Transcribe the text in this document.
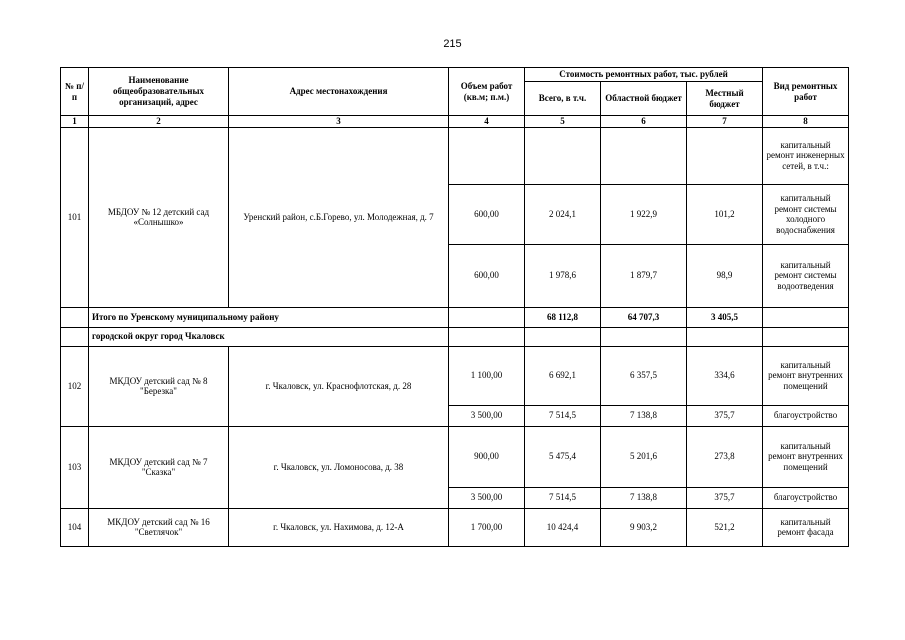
215
№ п/п	Наименование общеобразовательных организаций, адрес	Адрес местонахождения	Объем работ (кв.м; п.м.)	Стоимость ремонтных работ, тыс. рублей			Вид ремонтных работ
				Всего, в т.ч.	Областной бюджет	Местный бюджет	
1	2	3	4	5	6	7	8
101	МБДОУ № 12 детский сад «Солнышко»	Уренский район, с.Б.Горево, ул. Молодежная, д. 7					капитальный ремонт инженерных сетей, в т.ч.:
			600,00	2 024,1	1 922,9	101,2	капитальный ремонт системы холодного водоснабжения
			600,00	1 978,6	1 879,7	98,9	капитальный ремонт системы водоотведения
	Итого по Уренскому муниципальному району			68 112,8	64 707,3	3 405,5	
	городской округ город Чкаловск						
102	МКДОУ детский сад № 8 "Березка"	г. Чкаловск, ул. Краснофлотская, д. 28	1 100,00	6 692,1	6 357,5	334,6	капитальный ремонт внутренних помещений
			3 500,00	7 514,5	7 138,8	375,7	благоустройство
103	МКДОУ детский сад № 7 "Сказка"	г. Чкаловск, ул. Ломоносова, д. 38	900,00	5 475,4	5 201,6	273,8	капитальный ремонт внутренних помещений
			3 500,00	7 514,5	7 138,8	375,7	благоустройство
104	МКДОУ детский сад № 16 "Светлячок"	г. Чкаловск, ул. Нахимова, д. 12-А	1 700,00	10 424,4	9 903,2	521,2	капитальный ремонт фасада
